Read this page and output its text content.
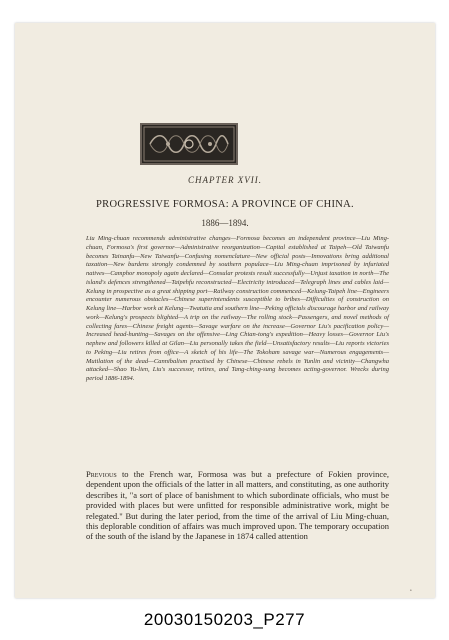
CHAPTER XVII.
PROGRESSIVE FORMOSA: A PROVINCE OF CHINA.
1886—1894.
Liu Ming-chuan recommends administrative changes—Formosa becomes an independent province—Liu Ming-chuan, Formosa's first governor—Administrative reorganization—Capital established at Taipeh—Old Taiwanfu becomes Tainanfu—New Taiwanfu—Confusing nomenclature—New official posts—Innovations bring additional taxation—New burdens strongly condemned by southern populace—Liu Ming-chuan imprisoned by infuriated natives—Camphor monopoly again declared—Consular protests result successfully—Unjust taxation in north—The island's defences strengthened—Taipehfu reconstructed—Electricity introduced—Telegraph lines and cables laid—Kelung in prospective as a great shipping port—Railway construction commenced—Kelung-Taipeh line—Engineers encounter numerous obstacles—Chinese superintendents susceptible to bribes—Difficulties of construction on Kelung line—Harbor work at Kelung—Twatutia and southern line—Peking officials discourage harbor and railway work—Kelung's prospects blighted—A trip on the railway—The rolling stock—Passengers, and novel methods of collecting fares—Chinese freight agents—Savage warfare on the increase—Governor Liu's pacification policy—Increased head-hunting—Savages on the offensive—Ling Chian-tong's expedition—Heavy losses—Governor Liu's nephew and followers killed at Gilan—Liu personally takes the field—Unsatisfactory results—Liu reports victories to Peking—Liu retires from office—A sketch of his life—The Tokoham savage war—Numerous engagements—Mutilation of the dead—Cannibalism practised by Chinese—Chinese rebels in Yunlin and vicinity—Changwha attacked—Shao Yu-lien, Liu's successor, retires, and Tang-ching-sung becomes acting-governor. Wrecks during period 1886-1894.
Previous to the French war, Formosa was but a prefecture of Fokien province, dependent upon the officials of the latter in all matters, and constituting, as one authority describes it, "a sort of place of banishment to which subordinate officials, who must be provided with places but were unfitted for responsible administrative work, might be relegated." But during the later period, from the time of the arrival of Liu Ming-chuan, this deplorable condition of affairs was much improved upon. The temporary occupation of the south of the island by the Japanese in 1874 called attention
•
20030150203_P277
